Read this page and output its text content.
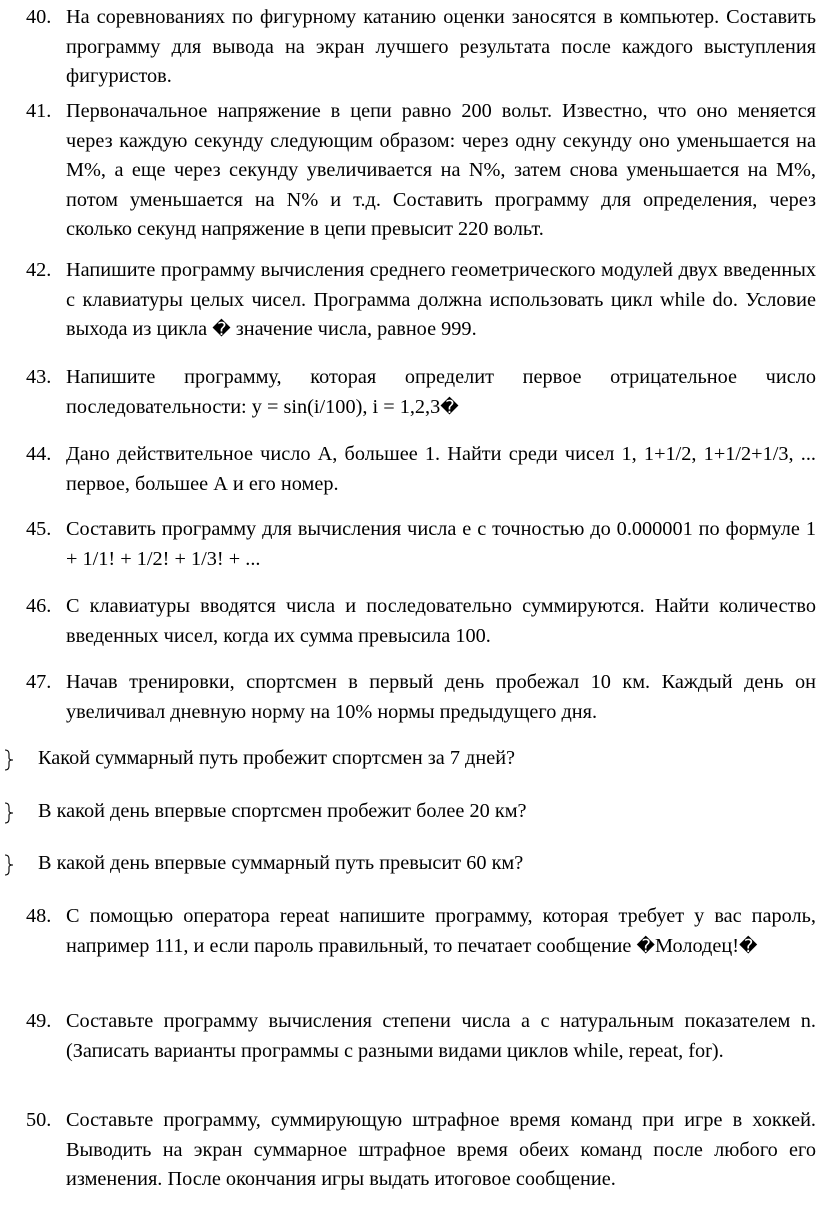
40. На соревнованиях по фигурному катанию оценки заносятся в компьютер. Составить программу для вывода на экран лучшего результата после каждого выступления фигуристов.
41. Первоначальное напряжение в цепи равно 200 вольт. Известно, что оно меняется через каждую секунду следующим образом: через одну секунду оно уменьшается на M%, а еще через секунду увеличивается на N%, затем снова уменьшается на M%, потом уменьшается на N% и т.д. Составить программу для определения, через сколько секунд напряжение в цепи превысит 220 вольт.
42. Напишите программу вычисления среднего геометрического модулей двух введенных с клавиатуры целых чисел. Программа должна использовать цикл while do. Условие выхода из цикла � значение числа, равное 999.
43. Напишите программу, которая определит первое отрицательное число последовательности: y = sin(i/100), i = 1,2,3�
44. Дано действительное число А, большее 1. Найти среди чисел 1, 1+1/2, 1+1/2+1/3, ... первое, большее А и его номер.
45. Составить программу для вычисления числа e с точностью до 0.000001 по формуле 1 + 1/1! + 1/2! + 1/3! + ...
46. С клавиатуры вводятся числа и последовательно суммируются. Найти количество введенных чисел, когда их сумма превысила 100.
47. Начав тренировки, спортсмен в первый день пробежал 10 км. Каждый день он увеличивал дневную норму на 10% нормы предыдущего дня.
Какой суммарный путь пробежит спортсмен за 7 дней?
В какой день впервые спортсмен пробежит более 20 км?
В какой день впервые суммарный путь превысит 60 км?
48. С помощью оператора repeat напишите программу, которая требует у вас пароль, например 111, и если пароль правильный, то печатает сообщение �Молодец!�
49. Составьте программу вычисления степени числа a с натуральным показателем n. (Записать варианты программы с разными видами циклов while, repeat, for).
50. Составьте программу, суммирующую штрафное время команд при игре в хоккей. Выводить на экран суммарное штрафное время обеих команд после любого его изменения. После окончания игры выдать итоговое сообщение.
